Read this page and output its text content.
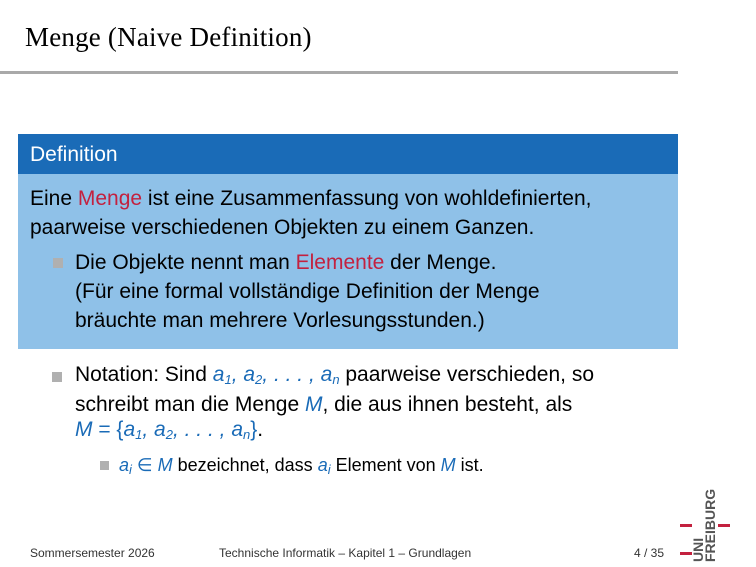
Menge (Naive Definition)
Definition
Eine Menge ist eine Zusammenfassung von wohldefinierten,
paarweise verschiedenen Objekten zu einem Ganzen.
Die Objekte nennt man Elemente der Menge.
(Für eine formal vollständige Definition der Menge
bräuchte man mehrere Vorlesungsstunden.)
Notation: Sind $a_1$, $a_2$, . . . , $a_n$ paarweise verschieden, so
schreibt man die Menge M, die aus ihnen besteht, als
$M = \{a_1$, $a_2$, . . . , $a_n$}.
$a_i$ ∈ M bezeichnet, dass $a_i$ Element von M ist.
Sommersemester 2026	Technische Informatik – Kapitel 1 – Grundlagen	4 / 35 UNI
FREIBURG
